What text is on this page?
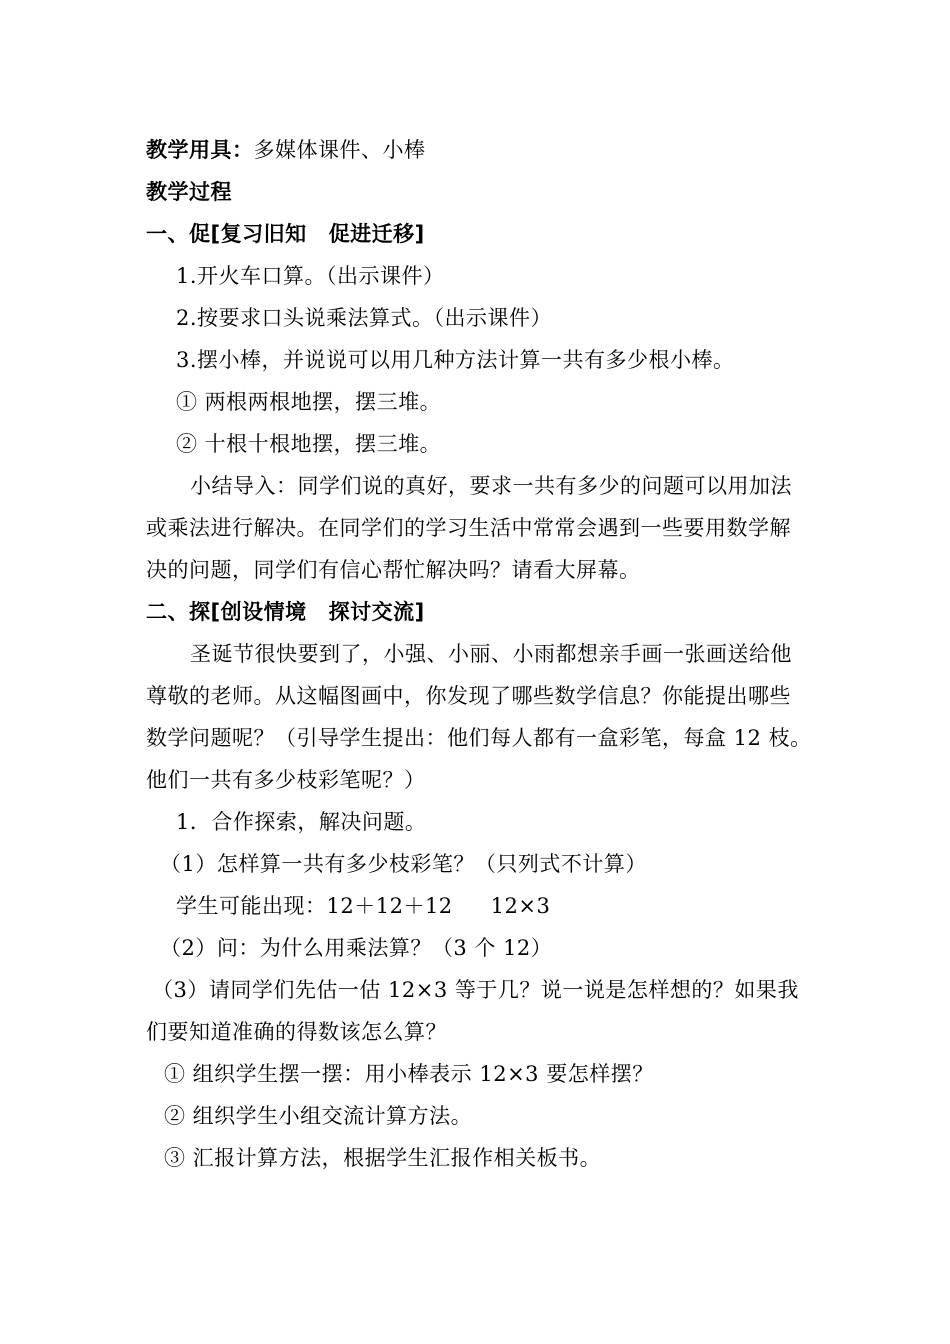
教学用具：多媒体课件、小棒
教学过程
一、促[复习旧知 促进迁移]
1.开火车口算。（出示课件）
2.按要求口头说乘法算式。（出示课件）
3.摆小棒，并说说可以用几种方法计算一共有多少根小棒。
① 两根两根地摆，摆三堆。
② 十根十根地摆，摆三堆。
小结导入：同学们说的真好，要求一共有多少的问题可以用加法
或乘法进行解决。在同学们的学习生活中常常会遇到一些要用数学解
决的问题，同学们有信心帮忙解决吗？请看大屏幕。
二、探[创设情境 探讨交流]
圣诞节很快要到了，小强、小丽、小雨都想亲手画一张画送给他
尊敬的老师。从这幅图画中，你发现了哪些数学信息？你能提出哪些
数学问题呢？（引导学生提出：他们每人都有一盒彩笔，每盒 12 枝。
他们一共有多少枝彩笔呢？）
1．合作探索，解决问题。
（1）怎样算一共有多少枝彩笔？（只列式不计算）
学生可能出现：12＋12＋12 12×3
（2）问：为什么用乘法算？（3 个 12）
（3）请同学们先估一估 12×3 等于几？说一说是怎样想的？如果我
们要知道准确的得数该怎么算？
① 组织学生摆一摆：用小棒表示 12×3 要怎样摆？
② 组织学生小组交流计算方法。
③ 汇报计算方法，根据学生汇报作相关板书。
